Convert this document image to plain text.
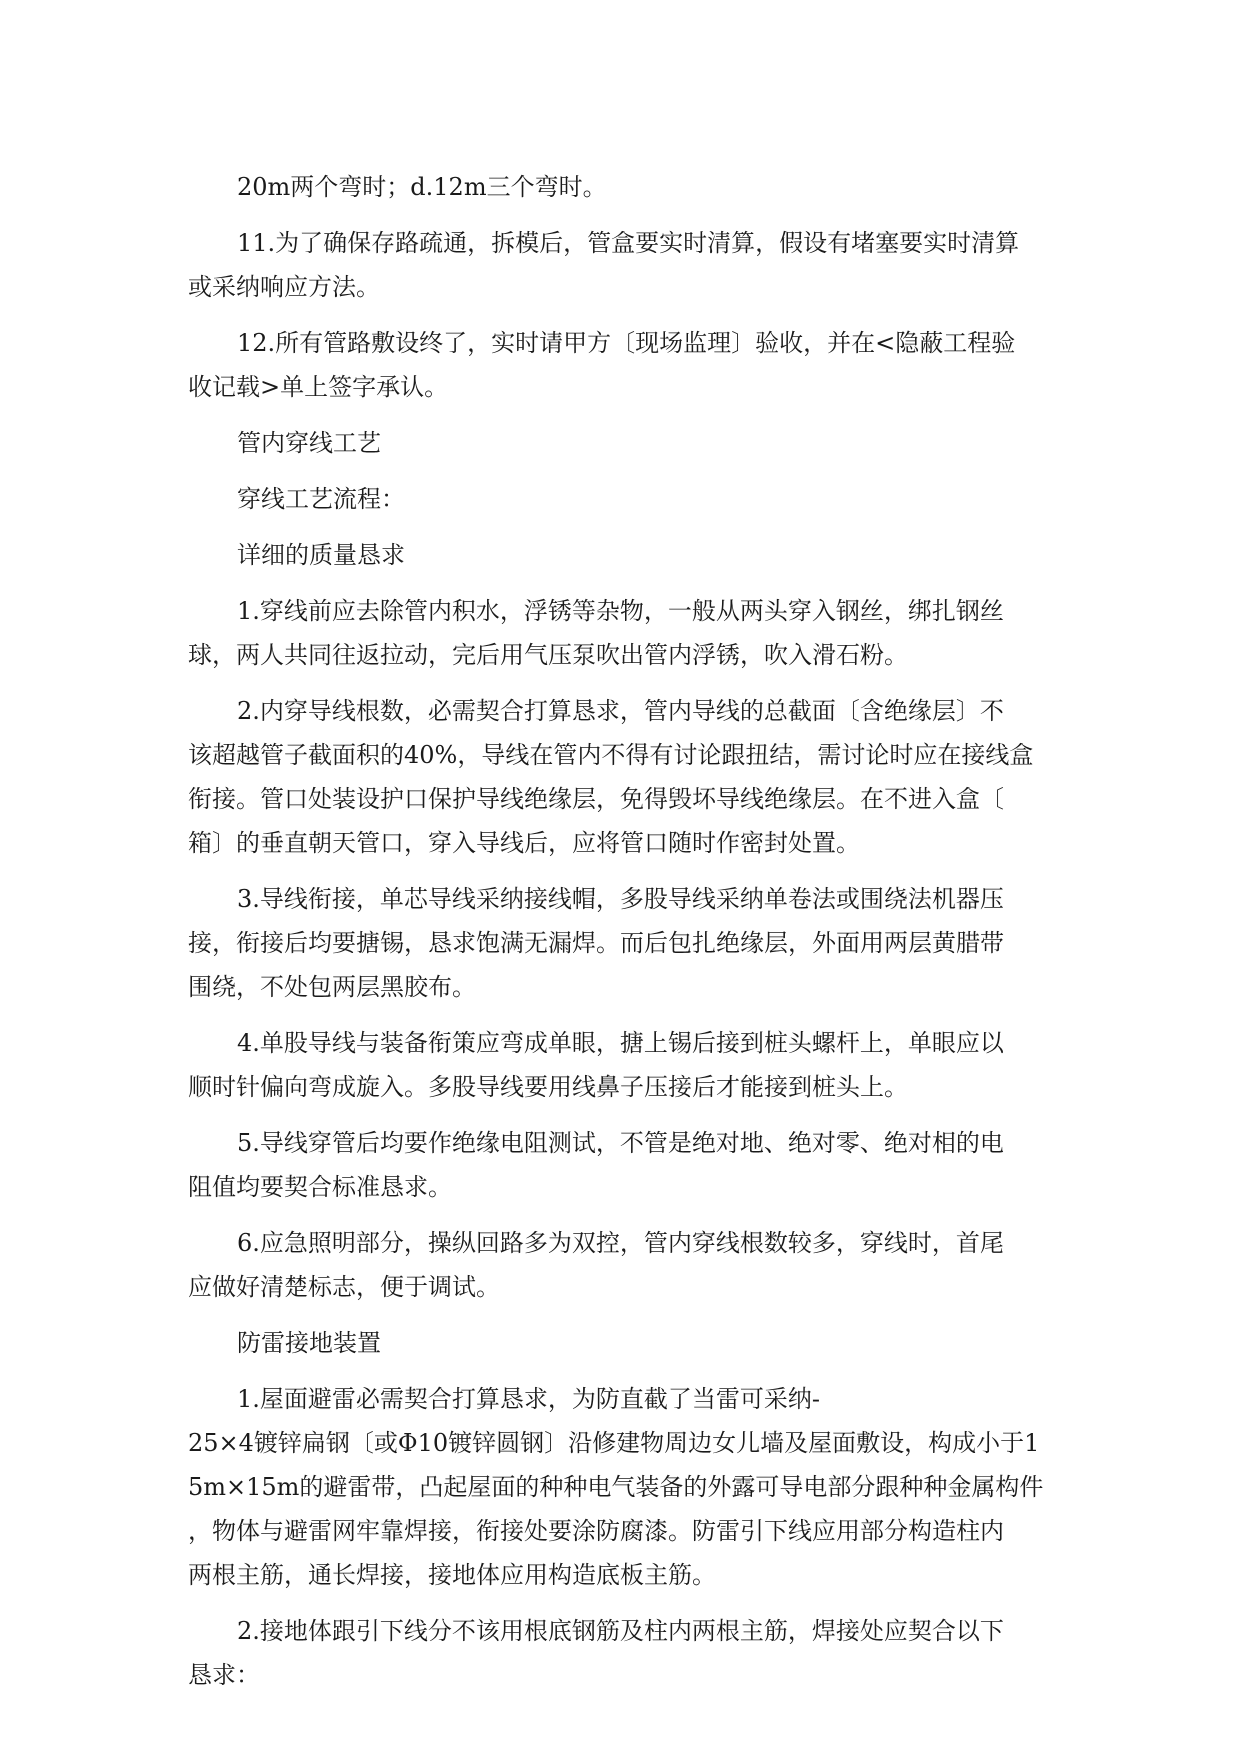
20m两个弯时；d.12m三个弯时。
11.为了确保存路疏通，拆模后，管盒要实时清算，假设有堵塞要实时清算
或采纳响应方法。
12.所有管路敷设终了，实时请甲方〔现场监理〕验收，并在<隐蔽工程验
收记载>单上签字承认。
管内穿线工艺
穿线工艺流程：
详细的质量恳求
1.穿线前应去除管内积水，浮锈等杂物，一般从两头穿入钢丝，绑扎钢丝
球，两人共同往返拉动，完后用气压泵吹出管内浮锈，吹入滑石粉。
2.内穿导线根数，必需契合打算恳求，管内导线的总截面〔含绝缘层〕不
该超越管子截面积的40%，导线在管内不得有讨论跟扭结，需讨论时应在接线盒
衔接。管口处装设护口保护导线绝缘层，免得毁坏导线绝缘层。在不进入盒〔
箱〕的垂直朝天管口，穿入导线后，应将管口随时作密封处置。
3.导线衔接，单芯导线采纳接线帽，多股导线采纳单卷法或围绕法机器压
接，衔接后均要搪锡，恳求饱满无漏焊。而后包扎绝缘层，外面用两层黄腊带
围绕，不处包两层黑胶布。
4.单股导线与装备衔策应弯成单眼，搪上锡后接到桩头螺杆上，单眼应以
顺时针偏向弯成旋入。多股导线要用线鼻子压接后才能接到桩头上。
5.导线穿管后均要作绝缘电阻测试，不管是绝对地、绝对零、绝对相的电
阻值均要契合标准恳求。
6.应急照明部分，操纵回路多为双控，管内穿线根数较多，穿线时，首尾
应做好清楚标志，便于调试。
防雷接地装置
1.屋面避雷必需契合打算恳求，为防直截了当雷可采纳-
25×4镀锌扁钢〔或Φ10镀锌圆钢〕沿修建物周边女儿墙及屋面敷设，构成小于1
5m×15m的避雷带，凸起屋面的种种电气装备的外露可导电部分跟种种金属构件
，物体与避雷网牢靠焊接，衔接处要涂防腐漆。防雷引下线应用部分构造柱内
两根主筋，通长焊接，接地体应用构造底板主筋。
2.接地体跟引下线分不该用根底钢筋及柱内两根主筋，焊接处应契合以下
恳求：
